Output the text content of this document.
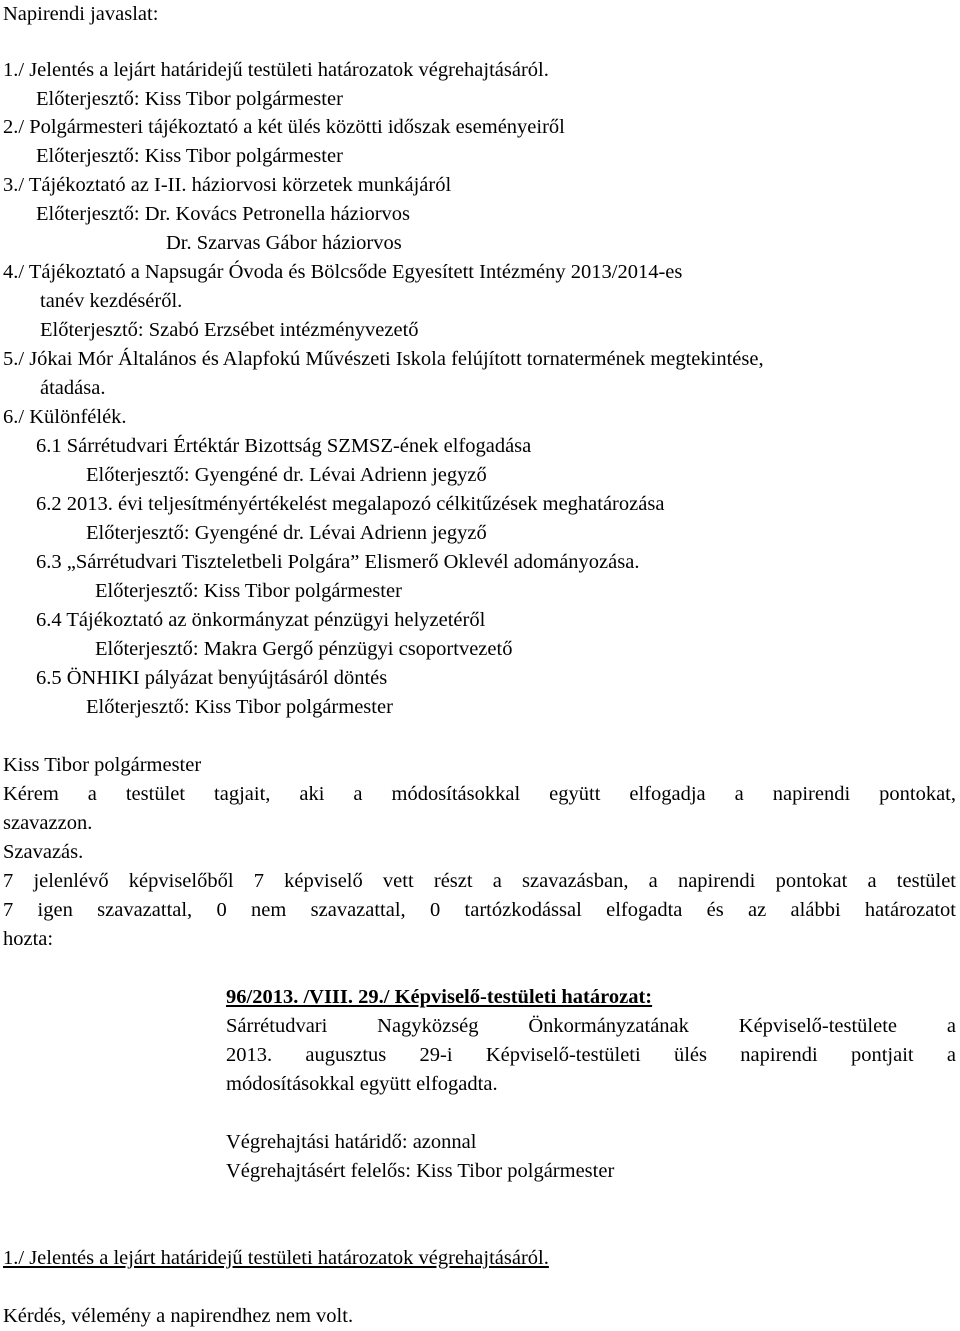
Napirendi javaslat:
1./ Jelentés a lejárt határidejű testületi határozatok végrehajtásáról.
Előterjesztő: Kiss Tibor polgármester
2./ Polgármesteri tájékoztató a két ülés közötti időszak eseményeiről
Előterjesztő: Kiss Tibor polgármester
3./ Tájékoztató az I-II. háziorvosi körzetek munkájáról
Előterjesztő: Dr. Kovács Petronella háziorvos
Dr. Szarvas Gábor háziorvos
4./ Tájékoztató a Napsugár Óvoda és Bölcsőde Egyesített Intézmény 2013/2014-es
tanév kezdéséről.
Előterjesztő: Szabó Erzsébet intézményvezető
5./ Jókai Mór Általános és Alapfokú Művészeti Iskola felújított tornatermének megtekintése,
átadása.
6./ Különfélék.
6.1 Sárrétudvari Értéktár Bizottság SZMSZ-ének elfogadása
Előterjesztő: Gyengéné dr. Lévai Adrienn jegyző
6.2 2013. évi teljesítményértékelést megalapozó célkitűzések meghatározása
Előterjesztő: Gyengéné dr. Lévai Adrienn jegyző
6.3 „Sárrétudvari Tiszteletbeli Polgára” Elismerő Oklevél adományozása.
Előterjesztő: Kiss Tibor polgármester
6.4 Tájékoztató az önkormányzat pénzügyi helyzetéről
Előterjesztő: Makra Gergő pénzügyi csoportvezető
6.5 ÖNHIKI pályázat benyújtásáról döntés
Előterjesztő: Kiss Tibor polgármester
Kiss Tibor polgármester
Kérem a testület tagjait, aki a módosításokkal együtt elfogadja a napirendi pontokat,
szavazzon.
Szavazás.
7 jelenlévő képviselőből 7 képviselő vett részt a szavazásban, a napirendi pontokat a testület
7 igen szavazattal, 0 nem szavazattal, 0 tartózkodással elfogadta és az alábbi határozatot
hozta:
96/2013. /VIII. 29./ Képviselő-testületi határozat:
Sárrétudvari Nagyközség Önkormányzatának Képviselő-testülete a
2013. augusztus 29-i Képviselő-testületi ülés napirendi pontjait a
módosításokkal együtt elfogadta.
Végrehajtási határidő: azonnal
Végrehajtásért felelős: Kiss Tibor polgármester
1./ Jelentés a lejárt határidejű testületi határozatok végrehajtásáról.
Kérdés, vélemény a napirendhez nem volt.
